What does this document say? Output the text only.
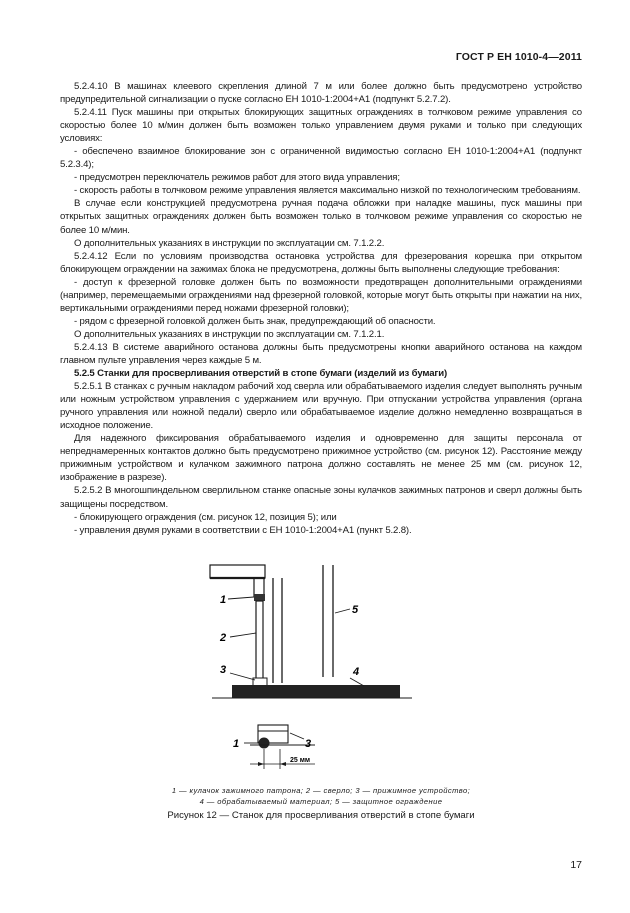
ГОСТ Р ЕН 1010-4—2011

5.2.4.10 В машинах клеевого скрепления длиной 7 м или более должно быть предусмотрено устройство предупредительной сигнализации о пуске согласно ЕН 1010-1:2004+А1 (подпункт 5.2.7.2).

5.2.4.11 Пуск машины при открытых блокирующих защитных ограждениях в толчковом режиме управления со скоростью более 10 м/мин должен быть возможен только управлением двумя руками и только при следующих условиях:

- обеспечено взаимное блокирование зон с ограниченной видимостью согласно ЕН 1010-1:2004+А1 (подпункт 5.2.3.4);

- предусмотрен переключатель режимов работ для этого вида управления;

- скорость работы в толчковом режиме управления является максимально низкой по технологическим требованиям.

В случае если конструкцией предусмотрена ручная подача обложки при наладке машины, пуск машины при открытых защитных ограждениях должен быть возможен только в толчковом режиме управления со скоростью не более 10 м/мин.

О дополнительных указаниях в инструкции по эксплуатации см. 7.1.2.2.

5.2.4.12 Если по условиям производства остановка устройства для фрезерования корешка при открытом блокирующем ограждении на зажимах блока не предусмотрена, должны быть выполнены следующие требования:

- доступ к фрезерной головке должен быть по возможности предотвращен дополнительными ограждениями (например, перемещаемыми ограждениями над фрезерной головкой, которые могут быть открыты при нажатии на них, вертикальными ограждениями перед ножами фрезерной головки);

- рядом с фрезерной головкой должен быть знак, предупреждающий об опасности.

О дополнительных указаниях в инструкции по эксплуатации см. 7.1.2.1.

5.2.4.13 В системе аварийного останова должны быть предусмотрены кнопки аварийного останова на каждом главном пульте управления через каждые 5 м.

5.2.5 Станки для просверливания отверстий в стопе бумаги (изделий из бумаги)

5.2.5.1 В станках с ручным накладом рабочий ход сверла или обрабатываемого изделия следует выполнять ручным или ножным устройством управления с удержанием или вручную. При отпускании устройства управления (органа ручного управления или ножной педали) сверло или обрабатываемое изделие должно немедленно возвращаться в исходное положение.

Для надежного фиксирования обрабатываемого изделия и одновременно для защиты персонала от непреднамеренных контактов должно быть предусмотрено прижимное устройство (см. рисунок 12). Расстояние между прижимным устройством и кулачком зажимного патрона должно составлять не менее 25 мм (см. рисунок 12, изображение в разрезе).

5.2.5.2 В многошпиндельном сверлильном станке опасные зоны кулачков зажимных патронов и сверл должны быть защищены посредством.

- блокирующего ограждения (см. рисунок 12, позиция 5); или

- управления двумя руками в соответствии с ЕН 1010-1:2004+А1 (пункт 5.2.8).

1
2
3	4
5
1	3
25 мм
1 — кулачок зажимного патрона; 2 — сверло; 3 — прижимное устройство;
4 — обрабатываемый материал; 5 — защитное ограждение
Рисунок 12 — Станок для просверливания отверстий в стопе бумаги
17
